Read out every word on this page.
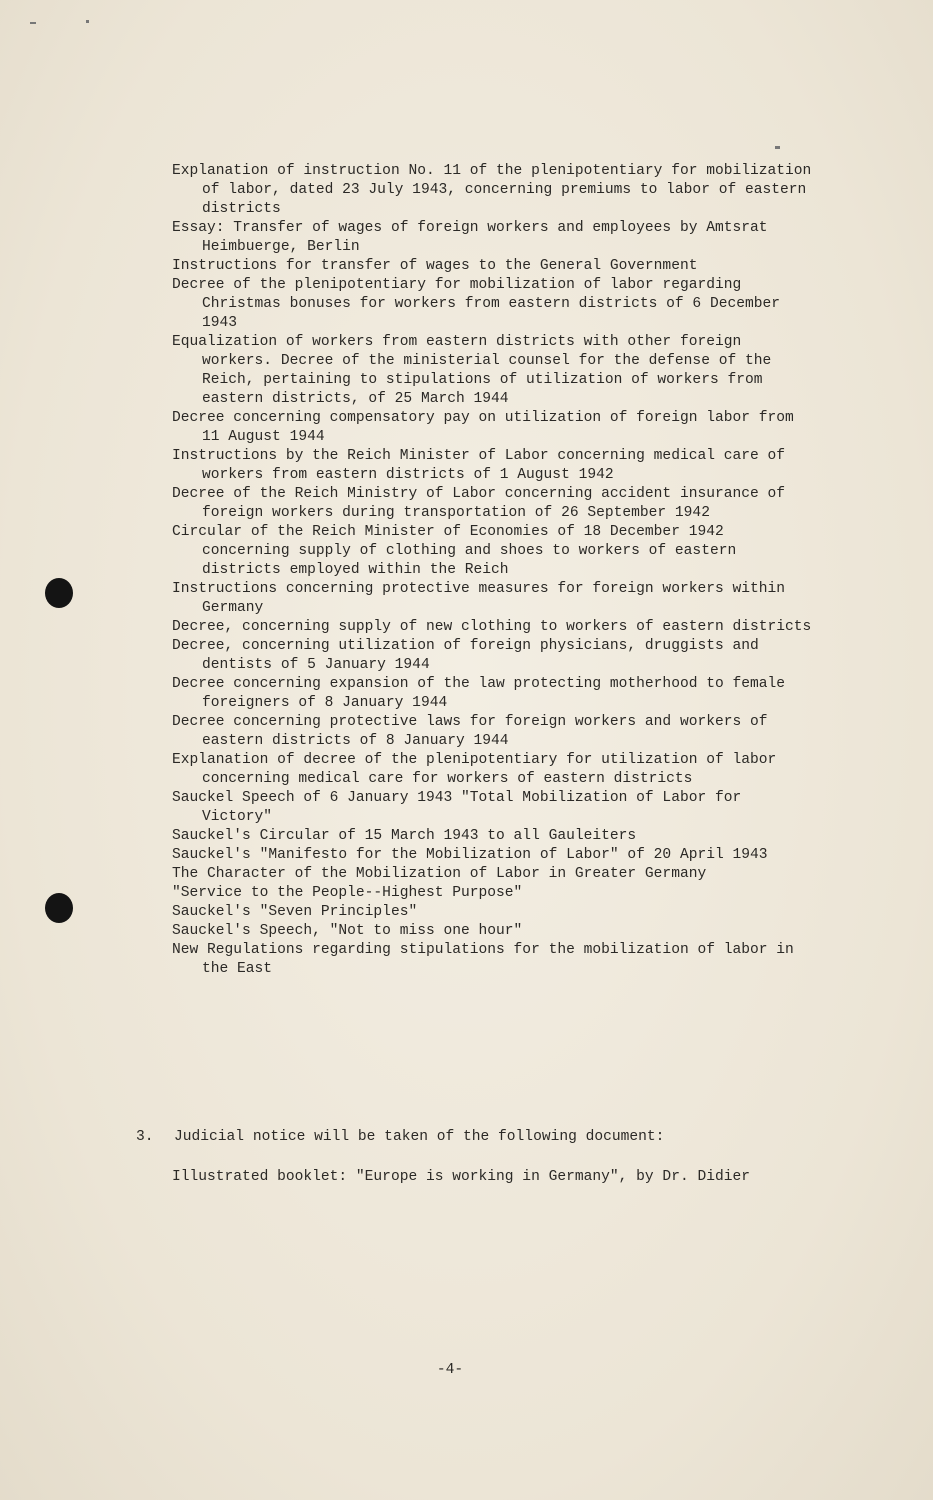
Explanation of instruction No. 11 of the plenipotentiary for mobilization of labor, dated 23 July 1943, concerning premiums to labor of eastern districts

Essay: Transfer of wages of foreign workers and employees by Amtsrat Heimbuerge, Berlin

Instructions for transfer of wages to the General Government

Decree of the plenipotentiary for mobilization of labor regarding Christmas bonuses for workers from eastern districts of 6 December 1943

Equalization of workers from eastern districts with other foreign workers. Decree of the ministerial counsel for the defense of the Reich, pertaining to stipulations of utilization of workers from eastern districts, of 25 March 1944

Decree concerning compensatory pay on utilization of foreign labor from 11 August 1944

Instructions by the Reich Minister of Labor concerning medical care of workers from eastern districts of 1 August 1942

Decree of the Reich Ministry of Labor concerning accident insurance of foreign workers during transportation of 26 September 1942

Circular of the Reich Minister of Economies of 18 December 1942 concerning supply of clothing and shoes to workers of eastern districts employed within the Reich

Instructions concerning protective measures for foreign workers within Germany

Decree, concerning supply of new clothing to workers of eastern districts

Decree, concerning utilization of foreign physicians, druggists and dentists of 5 January 1944

Decree concerning expansion of the law protecting motherhood to female foreigners of 8 January 1944

Decree concerning protective laws for foreign workers and workers of eastern districts of 8 January 1944

Explanation of decree of the plenipotentiary for utilization of labor concerning medical care for workers of eastern districts

Sauckel Speech of 6 January 1943 "Total Mobilization of Labor for Victory"

Sauckel's Circular of 15 March 1943 to all Gauleiters

Sauckel's "Manifesto for the Mobilization of Labor" of 20 April 1943

The Character of the Mobilization of Labor in Greater Germany

"Service to the People--Highest Purpose"

Sauckel's "Seven Principles"

Sauckel's Speech, "Not to miss one hour"

New Regulations regarding stipulations for the mobilization of labor in the East

3. Judicial notice will be taken of the following document:
Illustrated booklet: "Europe is working in Germany", by Dr. Didier
-4-
